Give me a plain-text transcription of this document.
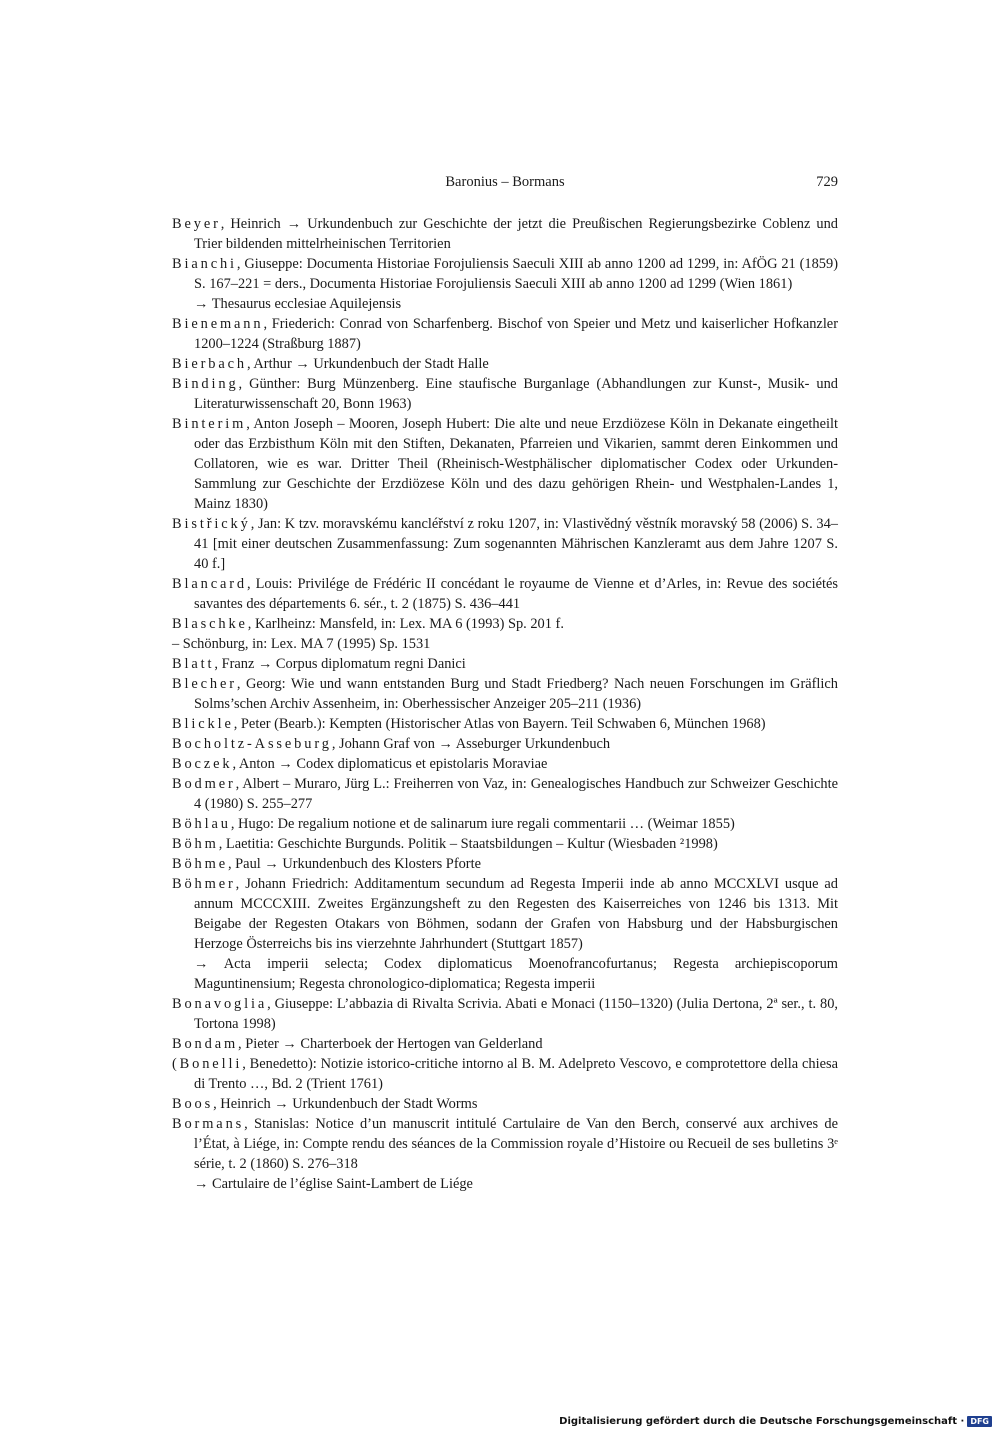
Baronius – Bormans	729

Beyer, Heinrich → Urkundenbuch zur Geschichte der jetzt die Preußischen Regierungsbezirke Coblenz und Trier bildenden mittelrheinischen Territorien

Bianchi, Giuseppe: Documenta Historiae Forojuliensis Saeculi XIII ab anno 1200 ad 1299, in: AfÖG 21 (1859) S. 167–221 = ders., Documenta Historiae Forojuliensis Saeculi XIII ab anno 1200 ad 1299 (Wien 1861)

→ Thesaurus ecclesiae Aquilejensis

Bienemann, Friederich: Conrad von Scharfenberg. Bischof von Speier und Metz und kaiserlicher Hofkanzler 1200–1224 (Straßburg 1887)

Bierbach, Arthur → Urkundenbuch der Stadt Halle

Binding, Günther: Burg Münzenberg. Eine staufische Burganlage (Abhandlungen zur Kunst-, Musik- und Literaturwissenschaft 20, Bonn 1963)

Binterim, Anton Joseph – Mooren, Joseph Hubert: Die alte und neue Erzdiözese Köln in Dekanate eingetheilt oder das Erzbisthum Köln mit den Stiften, Dekanaten, Pfarreien und Vikarien, sammt deren Einkommen und Collatoren, wie es war. Dritter Theil (Rheinisch-Westphälischer diplomatischer Codex oder Urkunden-Sammlung zur Geschichte der Erzdiözese Köln und des dazu gehörigen Rhein- und Westphalen-Landes 1, Mainz 1830)

Bistřický, Jan: K tzv. moravskému kancléřství z roku 1207, in: Vlastivědný věstník moravský 58 (2006) S. 34–41 [mit einer deutschen Zusammenfassung: Zum sogenannten Mährischen Kanzleramt aus dem Jahre 1207 S. 40 f.]

Blancard, Louis: Privilége de Frédéric II concédant le royaume de Vienne et d’Arles, in: Revue des sociétés savantes des départements 6. sér., t. 2 (1875) S. 436–441

Blaschke, Karlheinz: Mansfeld, in: Lex. MA 6 (1993) Sp. 201 f.

– Schönburg, in: Lex. MA 7 (1995) Sp. 1531

Blatt, Franz → Corpus diplomatum regni Danici

Blecher, Georg: Wie und wann entstanden Burg und Stadt Friedberg? Nach neuen Forschungen im Gräflich Solms’schen Archiv Assenheim, in: Oberhessischer Anzeiger 205–211 (1936)

Blickle, Peter (Bearb.): Kempten (Historischer Atlas von Bayern. Teil Schwaben 6, München 1968)

Bocholtz-Asseburg, Johann Graf von → Asseburger Urkundenbuch

Boczek, Anton → Codex diplomaticus et epistolaris Moraviae

Bodmer, Albert – Muraro, Jürg L.: Freiherren von Vaz, in: Genealogisches Handbuch zur Schweizer Geschichte 4 (1980) S. 255–277

Böhlau, Hugo: De regalium notione et de salinarum iure regali commentarii … (Weimar 1855)

Böhm, Laetitia: Geschichte Burgunds. Politik – Staatsbildungen – Kultur (Wiesbaden ²1998)

Böhme, Paul → Urkundenbuch des Klosters Pforte

Böhmer, Johann Friedrich: Additamentum secundum ad Regesta Imperii inde ab anno MCCXLVI usque ad annum MCCCXIII. Zweites Ergänzungsheft zu den Regesten des Kaiserreiches von 1246 bis 1313. Mit Beigabe der Regesten Otakars von Böhmen, sodann der Grafen von Habsburg und der Habsburgischen Herzoge Österreichs bis ins vierzehnte Jahrhundert (Stuttgart 1857)
→ Acta imperii selecta; Codex diplomaticus Moenofrancofurtanus; Regesta archiepiscoporum Maguntinensium; Regesta chronologico-diplomatica; Regesta imperii

Bonavoglia, Giuseppe: L’abbazia di Rivalta Scrivia. Abati e Monaci (1150–1320) (Julia Dertona, 2ª ser., t. 80, Tortona 1998)

Bondam, Pieter → Charterboek der Hertogen van Gelderland

(Bonelli, Benedetto): Notizie istorico-critiche intorno al B. M. Adelpreto Vescovo, e comprotettore della chiesa di Trento …, Bd. 2 (Trient 1761)

Boos, Heinrich → Urkundenbuch der Stadt Worms

Bormans, Stanislas: Notice d’un manuscrit intitulé Cartulaire de Van den Berch, conservé aux archives de l’État, à Liége, in: Compte rendu des séances de la Commission royale d’Histoire ou Recueil de ses bulletins 3ᵉ série, t. 2 (1860) S. 276–318
→ Cartulaire de l’église Saint-Lambert de Liége

Digitalisierung gefördert durch die Deutsche Forschungsgemeinschaft · DFG
